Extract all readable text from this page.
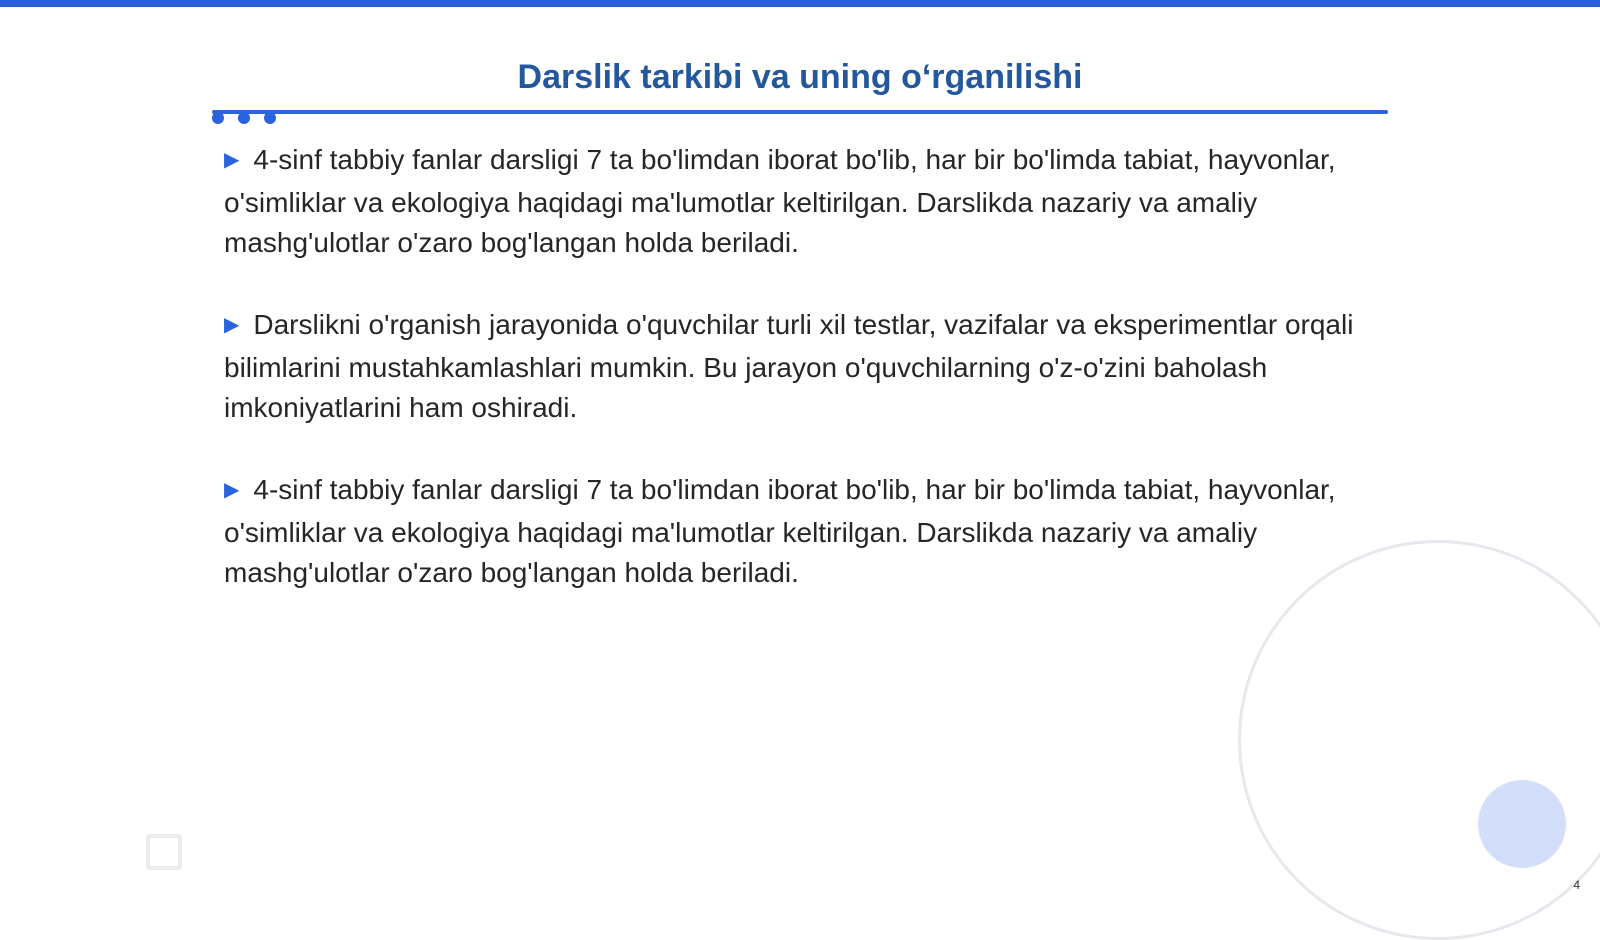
Darslik tarkibi va uning o‘rganilishi

▶ 4-sinf tabbiy fanlar darsligi 7 ta bo'limdan iborat bo'lib, har bir bo'limda tabiat, hayvonlar, o'simliklar va ekologiya haqidagi ma'lumotlar keltirilgan. Darslikda nazariy va amaliy mashg'ulotlar o'zaro bog'langan holda beriladi.

▶ Darslikni o'rganish jarayonida o'quvchilar turli xil testlar, vazifalar va eksperimentlar orqali bilimlarini mustahkamlashlari mumkin. Bu jarayon o'quvchilarning o'z-o'zini baholash imkoniyatlarini ham oshiradi.

▶ 4-sinf tabbiy fanlar darsligi 7 ta bo'limdan iborat bo'lib, har bir bo'limda tabiat, hayvonlar, o'simliklar va ekologiya haqidagi ma'lumotlar keltirilgan. Darslikda nazariy va amaliy mashg'ulotlar o'zaro bog'langan holda beriladi.

4
